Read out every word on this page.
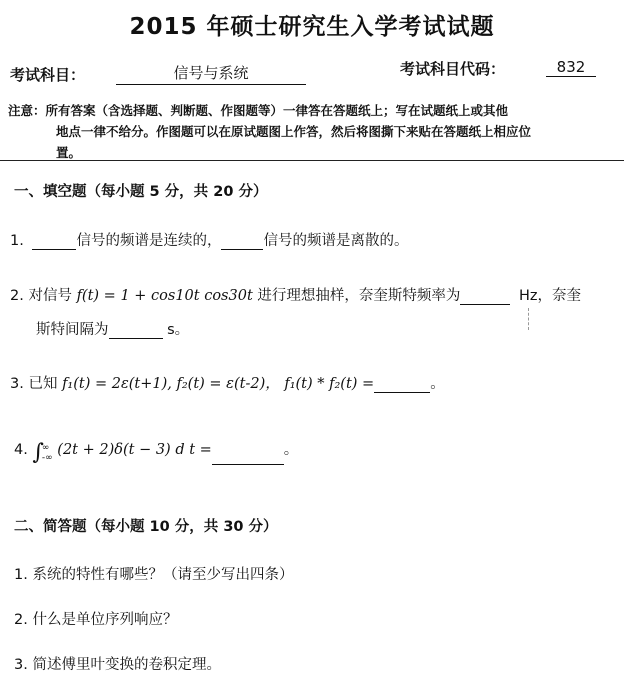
2015 年硕士研究生入学考试试题
考试科目：	信号与系统	考试科目代码：	832
注意：所有答案（含选择题、判断题、作图题等）一律答在答题纸上；写在试题纸上或其他
地点一律不给分。作图题可以在原试题图上作答，然后将图撕下来贴在答题纸上相应位
置。
一、填空题（每小题 5 分，共 20 分）
1.	信号的频谱是连续的，	信号的频谱是离散的。
2. 对信号 f(t) = 1 + cos10t cos30t 进行理想抽样，奈奎斯特频率为	Hz，奈奎
斯特间隔为	s。
3. 已知 f₁(t) = 2ε(t+1), f₂(t) = ε(t-2)， f₁(t) * f₂(t) =	。
4. ∫∞
-∞ (2t + 2)δ(t − 3) d t =	。
二、简答题（每小题 10 分，共 30 分）
1. 系统的特性有哪些？（请至少写出四条）
2. 什么是单位序列响应？
3. 简述傅里叶变换的卷积定理。
